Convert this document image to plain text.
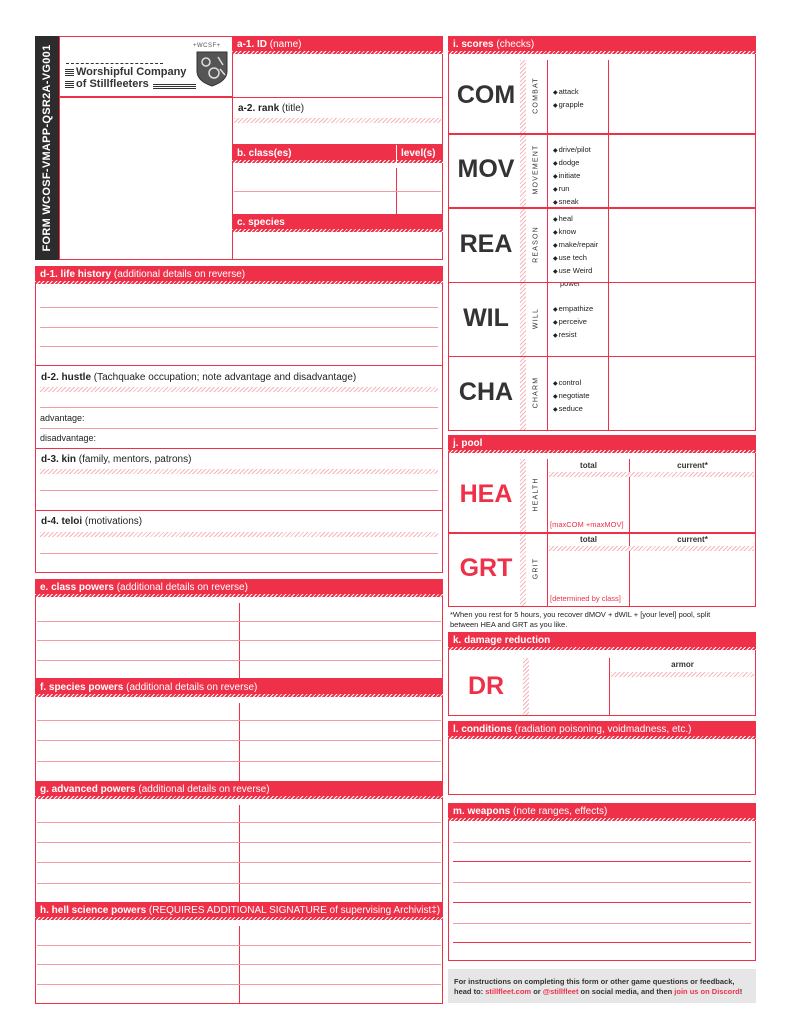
FORM WCOSF-VMAPP-QSR2A-VG001 Worshipful Company
of Stillfleeters
+WCSF+	a-1. ID (name)
a-2. rank (title)
b. class(es)	level(s)
c. species
d-1. life history (additional details on reverse)
d-2. hustle (Tachquake occupation; note advantage and disadvantage)
advantage:
disadvantage:
d-3. kin (family, mentors, patrons)
d-4. teloi (motivations)
e. class powers (additional details on reverse)
f. species powers (additional details on reverse)
g. advanced powers (additional details on reverse)
h. hell science powers (REQUIRES ADDITIONAL SIGNATURE of supervising Archivist‡)
i. scores (checks)
COM	COMBAT	◆ attack
◆ grapple
MOV	MOVEMENT	◆ drive/pilot
◆ dodge
◆ initiate
◆ run
◆ sneak
REA	REASON
◆ heal
◆ know
◆ make/repair
◆ use tech
◆ use Weird
WIL	WILL	◆ empathize
◆ perceive
◆ resist
CHA	CHARM	◆ control
◆ negotiate
◆ seduce
j. pool
HEA	HEALTH
total	current*
[maxCOM +maxMOV]
GRT	GRIT
total	current*
[determined by class]
*When you rest for 5 hours, you recover dMOV + dWIL + [your level] pool, split
between HEA and GRT as you like.
k. damage reduction
DR
armor
l. conditions (radiation poisoning, voidmadness, etc.)
m. weapons (note ranges, effects)
For instructions on completing this form or other game questions or feedback,
head to: stillfleet.com or @stillfleet on social media, and then join us on Discord!
